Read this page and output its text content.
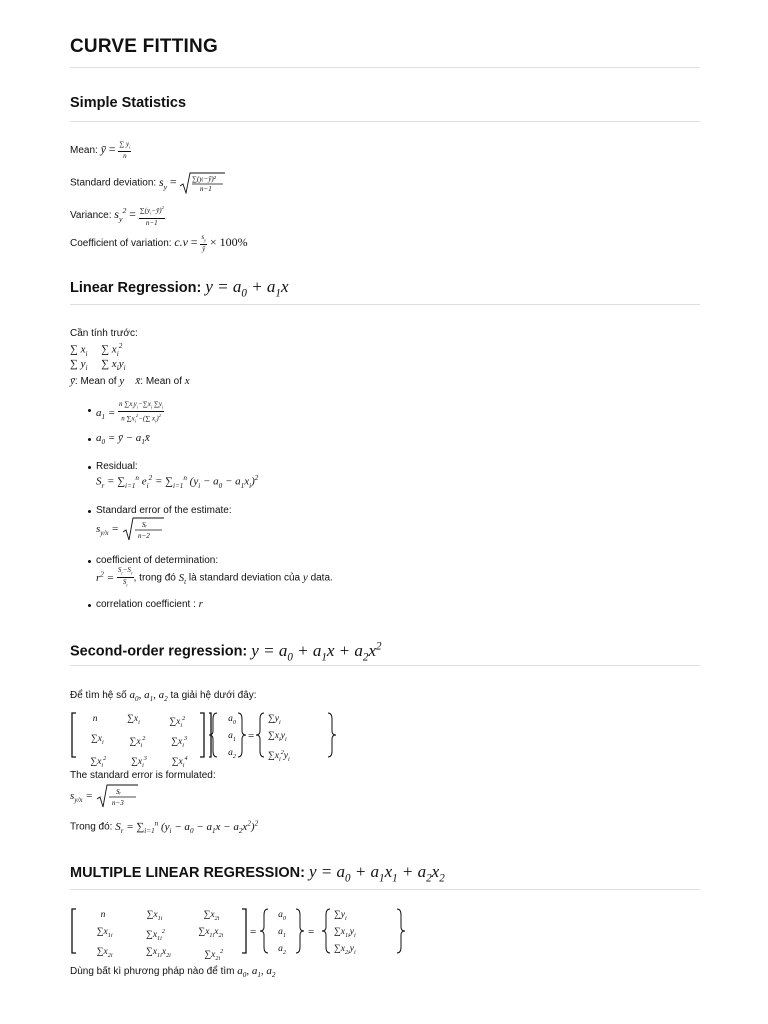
CURVE FITTING
Simple Statistics
Mean: ȳ = $\frac{\sum y_i}{n}$
Standard deviation: $s_y$ = ∑(yᵢ−ȳ)²
n−1
Variance: $s_y^2 = \frac{\sum(y_i-ȳ)^2}{n-1}$
Coefficient of variation: $c.v = \frac{s_y}{ȳ} \times 100\%$
Linear Regression: $y = a_0 + a_1x$
Cần tính trước:
∑ $x_i$     ∑ $x_i^2$
∑ $y_i$     ∑ $x_iy_i$
ȳ: Mean of y x̄: Mean of x
$a_1 = \frac{n \sum x_iy_i-\sum x_i \sum y_i}{n \sum x_i^2-(\sum x_i)^2}$
$a_0$ = ȳ − $a_1x̄$
Residual:
$S_r = \sum_{i=1}^n$ $e_i^2 = \sum_{i=1}^n$ $(y_i - a_0 - a_1x_i)^2$
Standard error of the estimate:
$s_{y/x}$ =	Sᵣ
n−2
coefficient of determination:
$r^2 = \frac{S_t-S_r}{S_t}$ , trong đó $S_t$ là standard deviation của y data.
correlation coefficient : r
Second-order regression: $y = a_0 + a_1x + a_2x^2$
Để tìm hệ số $a_0$, $a_1$, $a_2$ ta giải hệ dưới đây:
=
n	$\sum x_i$	$\sum x_i^2$
$\sum x_i$	$\sum x_i^2$	$\sum x_i^3$
$\sum x_i^2$	$\sum x_i^3$	$\sum x_i^4$
$a_0$
$a_1$
$a_2$
$\sum y_i$
$\sum x_iy_i$
$\sum x_i^2y_i$
The standard error is formulated:
$s_{y/x}$ =	Sᵣ
n−3
Trong đó: $S_r = \sum_{i=1}^n$ $(y_i - a_0 - a_1x - a_2x^2)^2$
MULTIPLE LINEAR REGRESSION: $y = a_0 + a_1x_1 + a_2x_2$
=	=
n	$\sum x_{1i}$	$\sum x_{2i}$
$\sum x_{1i}$	$\sum x_{1i}^2$	$\sum x_{1i}x_{2i}$
$\sum x_{2i}$	$\sum x_{1i}x_{2i}$	$\sum x_{2i}^2$
$a_0$
$a_1$
$a_2$
$\sum y_i$
$\sum x_{1i}y_i$
$\sum x_{2i}y_i$
Dùng bất kì phương pháp nào để tìm $a_0$, $a_1$, $a_2$
